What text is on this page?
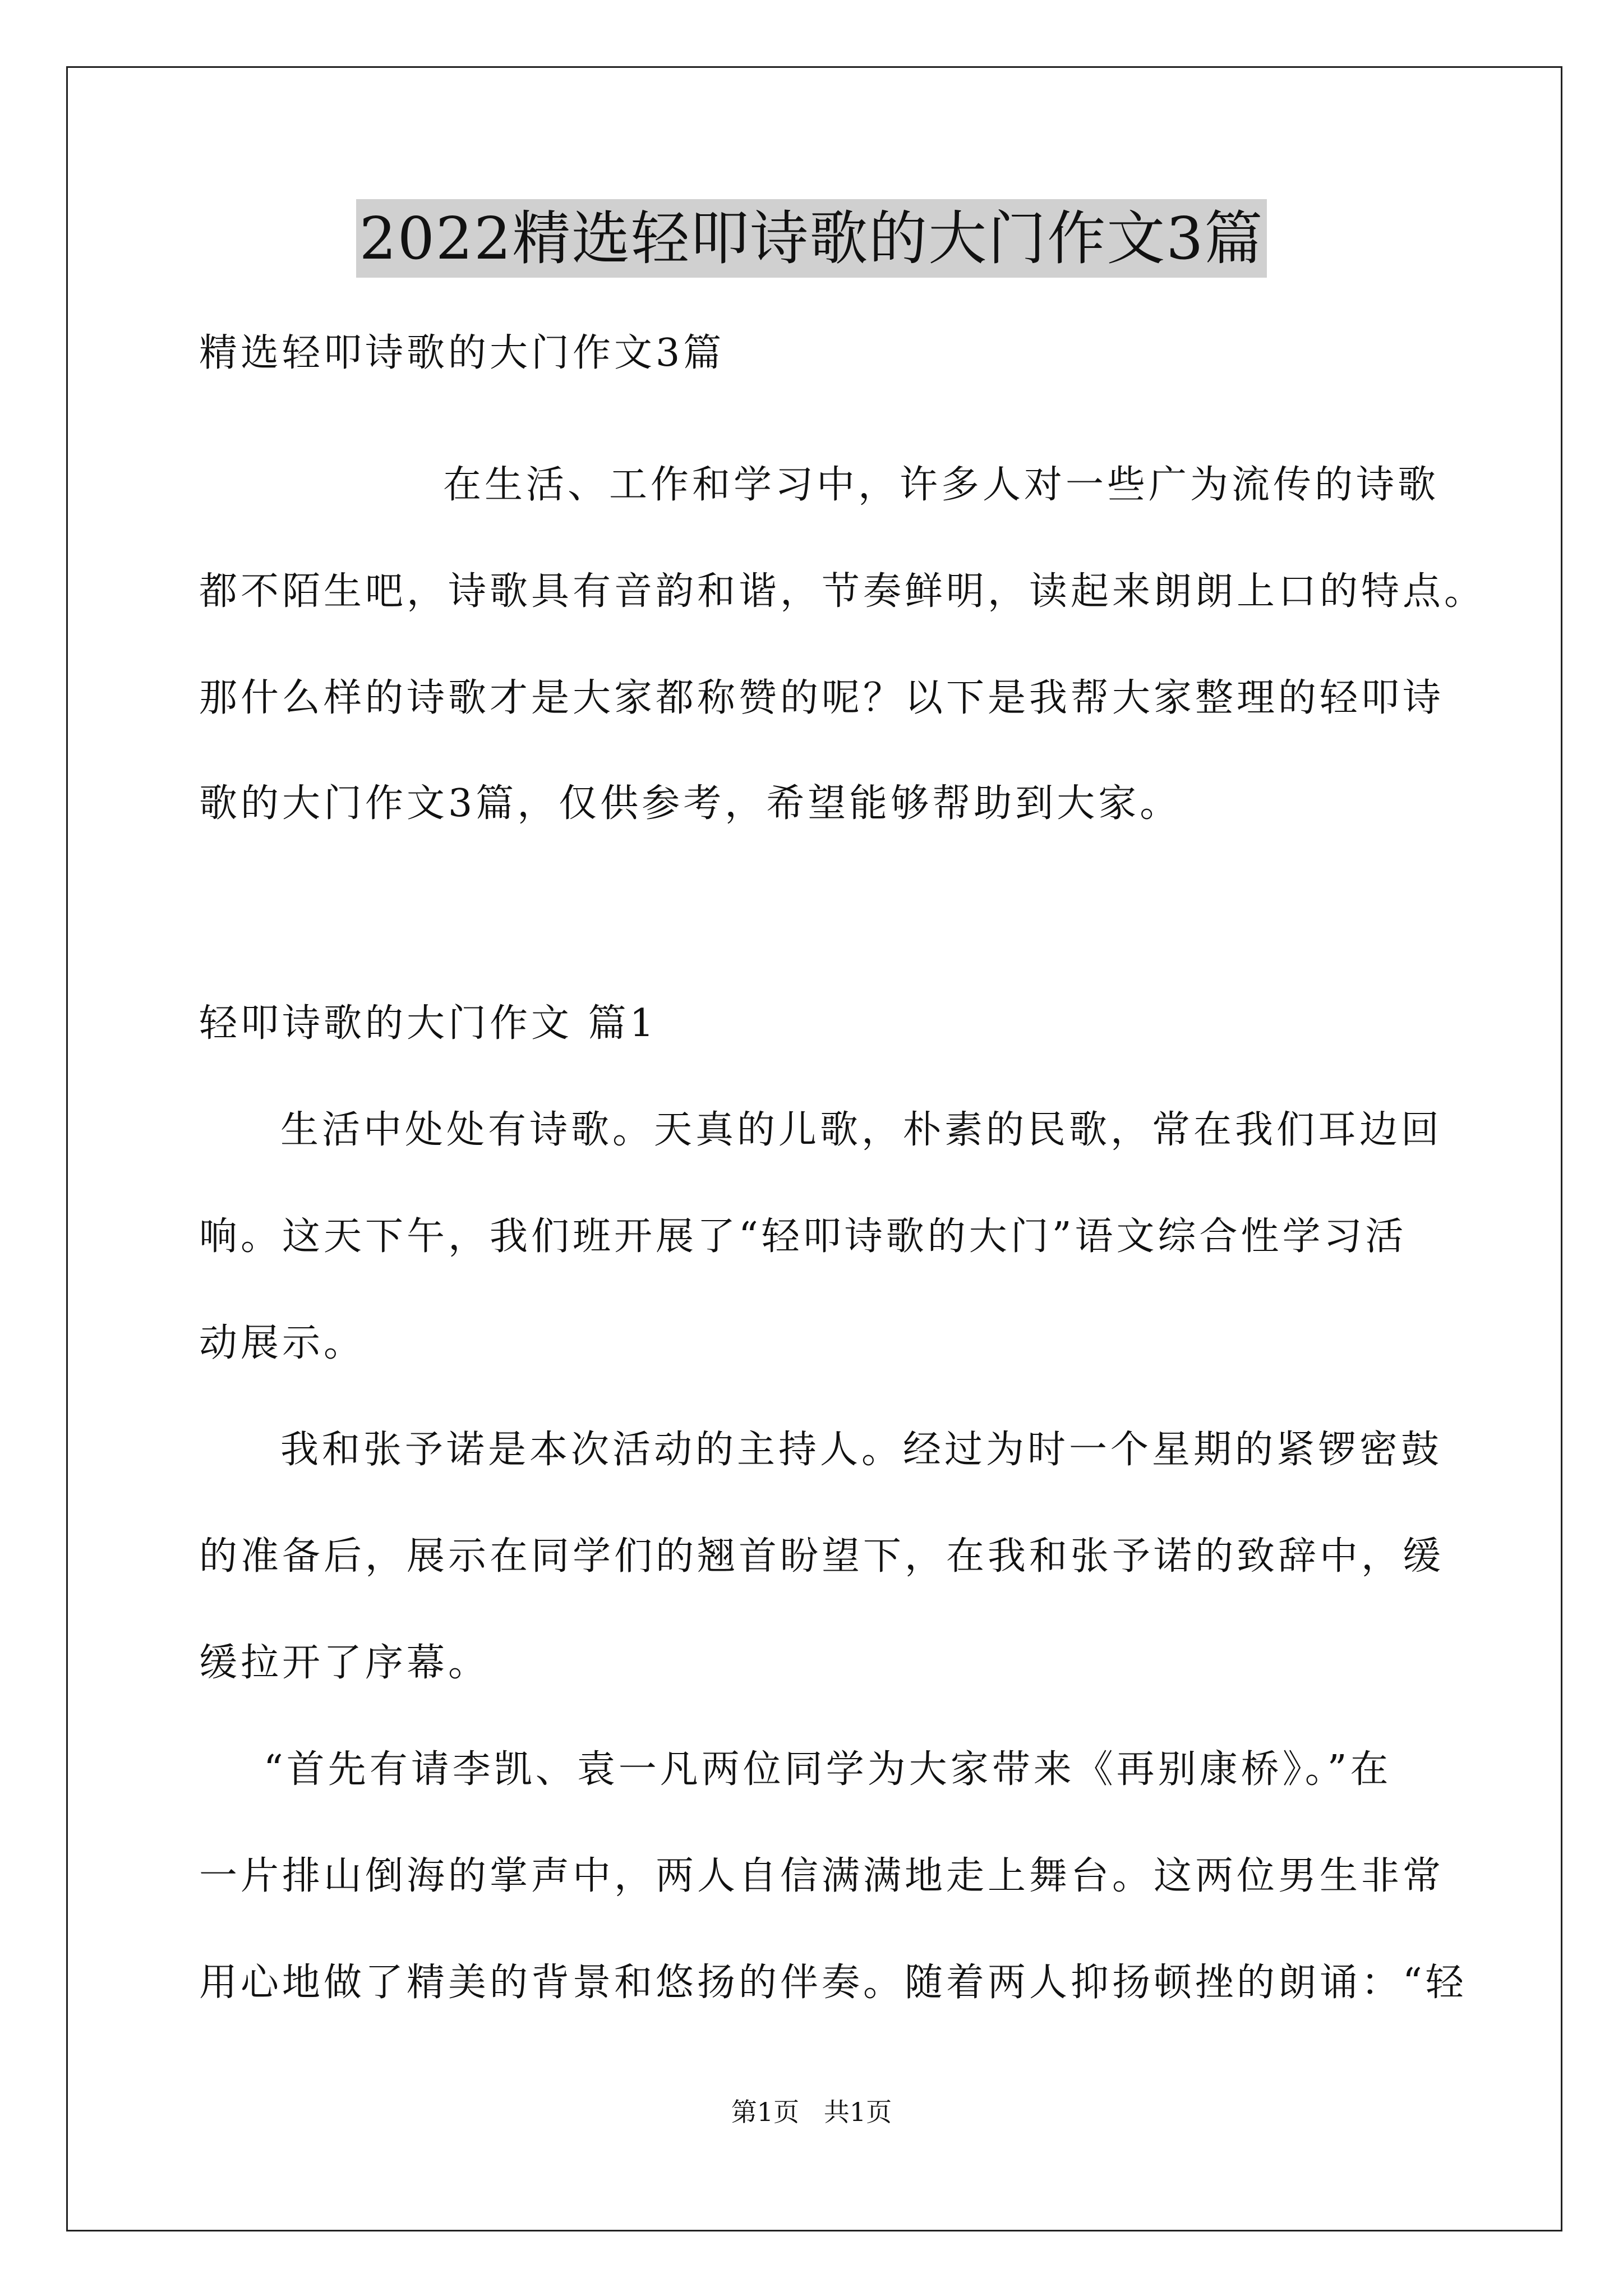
2022精选轻叩诗歌的大门作文3篇
精选轻叩诗歌的大门作文3篇
在生活、工作和学习中，许多人对一些广为流传的诗歌
都不陌生吧，诗歌具有音韵和谐，节奏鲜明，读起来朗朗上口的特点。
那什么样的诗歌才是大家都称赞的呢？以下是我帮大家整理的轻叩诗
歌的大门作文3篇，仅供参考，希望能够帮助到大家。
轻叩诗歌的大门作文 篇1
生活中处处有诗歌。天真的儿歌，朴素的民歌，常在我们耳边回
响。这天下午，我们班开展了“轻叩诗歌的大门”语文综合性学习活
动展示。
我和张予诺是本次活动的主持人。经过为时一个星期的紧锣密鼓
的准备后，展示在同学们的翘首盼望下，在我和张予诺的致辞中，缓
缓拉开了序幕。
“首先有请李凯、袁一凡两位同学为大家带来《再别康桥》。”在
一片排山倒海的掌声中，两人自信满满地走上舞台。这两位男生非常
用心地做了精美的背景和悠扬的伴奏。随着两人抑扬顿挫的朗诵：“轻
第1页   共1页
